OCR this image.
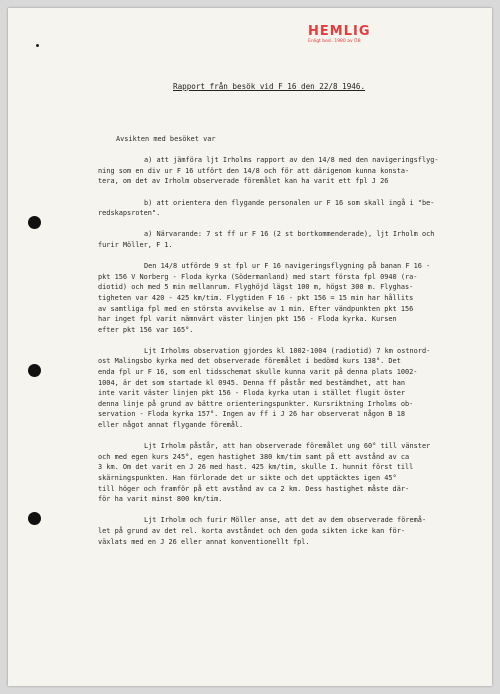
HEMLIG
Enligt besl. 1980 av ÖB
Rapport från besök vid F 16 den 22/8 1946.
Avsikten med besöket var
a) att jämföra ljt Irholms rapport av den 14/8 med den navigeringsflyg-
ning som en div ur F 16 utfört den 14/8 och för att därigenom kunna konsta-
tera, om det av Irholm observerade föremålet kan ha varit ett fpl J 26
b) att orientera den flygande personalen ur F 16 som skall ingå i "be-
redskapsroten".
a) Närvarande: 7 st ff ur F 16 (2 st bortkommenderade), ljt Irholm och
furir Möller, F 1.
Den 14/8 utförde 9 st fpl ur F 16 navigeringsflygning på banan F 16 -
pkt 156 V Norberg - Floda kyrka (Södermanland) med start första fpl 0940 (ra-
diotid) och med 5 min mellanrum. Flyghöjd lägst 100 m, högst 300 m. Flyghas-
tigheten var 420 - 425 km/tim. Flygtiden F 16 - pkt 156 = 15 min har hållits
av samtliga fpl med en största avvikelse av 1 min. Efter vändpunkten pkt 156
har inget fpl varit nämnvärt väster linjen pkt 156 - Floda kyrka. Kursen
efter pkt 156 var 165°.
Ljt Irholms observation gjordes kl 1002-1004 (radiotid) 7 km ostnord-
ost Malingsbo kyrka med det observerade föremålet i bedömd kurs 138°. Det
enda fpl ur F 16, som enl tidsschemat skulle kunna varit på denna plats 1002-
1004, är det som startade kl 0945. Denna ff påstår med bestämdhet, att han
inte varit väster linjen pkt 156 - Floda kyrka utan i stället flugit öster
denna linje på grund av bättre orienteringspunkter. Kursriktning Irholms ob-
servation - Floda kyrka 157°. Ingen av ff i J 26 har observerat någon B 18
eller något annat flygande föremål.
Ljt Irholm påstår, att han observerade föremålet ung 60° till vänster
och med egen kurs 245°, egen hastighet 380 km/tim samt på ett avstånd av ca
3 km. Om det varit en J 26 med hast. 425 km/tim, skulle I. hunnit först till
skärningspunkten. Han förlorade det ur sikte och det upptäcktes igen 45°
till höger och framför på ett avstånd av ca 2 km. Dess hastighet måste där-
för ha varit minst 800 km/tim.
Ljt Irholm och furir Möller anse, att det av dem observerade föremå-
let på grund av det rel. korta avståndet och den goda sikten icke kan för-
växlats med en J 26 eller annat konventionellt fpl.
